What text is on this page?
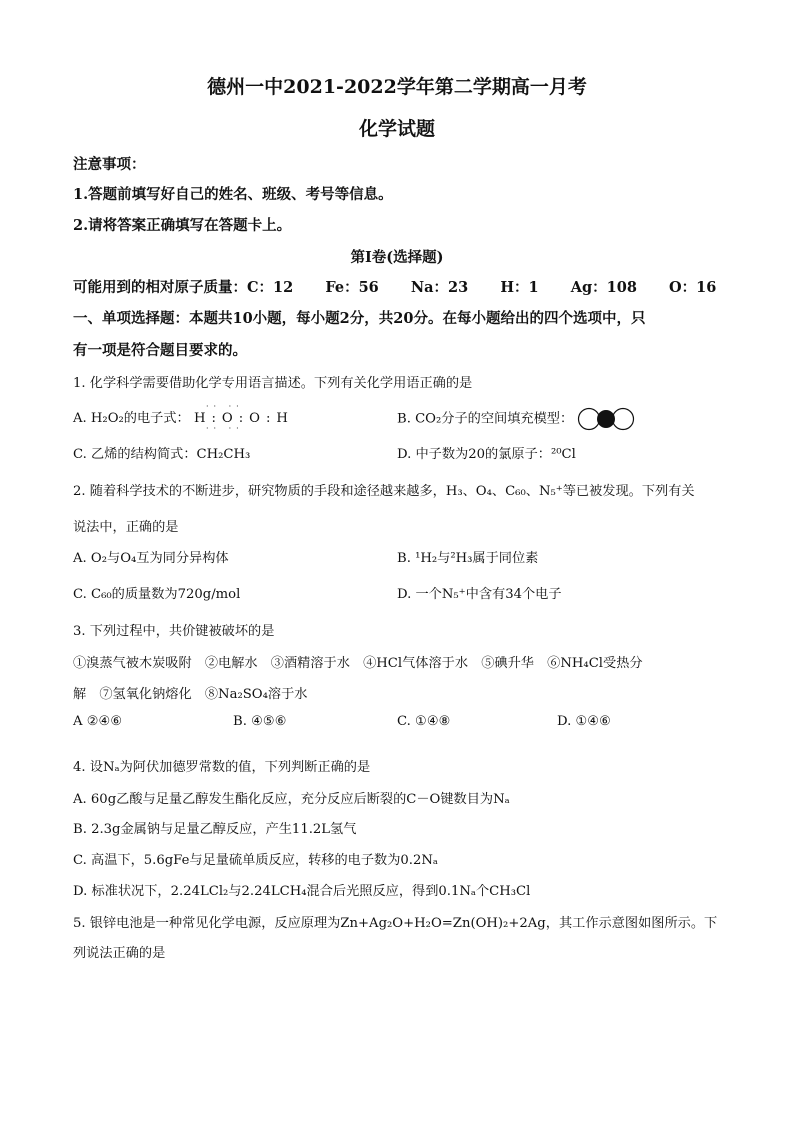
德州一中2021-2022学年第二学期高一月考
化学试题
注意事项：
1.答题前填写好自己的姓名、班级、考号等信息。
2.请将答案正确填写在答题卡上。
第I卷(选择题)
可能用到的相对原子质量：C：12 Fe：56 Na：23 H：1 Ag：108 O：16
一、单项选择题：本题共10小题，每小题2分，共20分。在每小题给出的四个选项中，只
有一项是符合题目要求的。
1. 化学科学需要借助化学专用语言描述。下列有关化学用语正确的是
A. H₂O₂的电子式：
·· ··
H:O:O:H
·· ··
B. CO₂分子的空间填充模型：
C. 乙烯的结构简式：CH₂CH₃	D. 中子数为20的氯原子：²⁰Cl
2. 随着科学技术的不断进步，研究物质的手段和途径越来越多，H₃、O₄、C₆₀、N₅⁺等已被发现。下列有关
说法中，正确的是
A. O₂与O₄互为同分异构体	B. ¹H₂与²H₃属于同位素
C. C₆₀的质量数为720g/mol	D. 一个N₅⁺中含有34个电子
3. 下列过程中，共价键被破坏的是
①溴蒸气被木炭吸附　②电解水　③酒精溶于水　④HCl气体溶于水　⑤碘升华　⑥NH₄Cl受热分
解　⑦氢氧化钠熔化　⑧Na₂SO₄溶于水
A ②④⑥	B. ④⑤⑥	C. ①④⑧	D. ①④⑥
4. 设Nₐ为阿伏加德罗常数的值，下列判断正确的是
A. 60g乙酸与足量乙醇发生酯化反应，充分反应后断裂的C－O键数目为Nₐ
B. 2.3g金属钠与足量乙醇反应，产生11.2L氢气
C. 高温下，5.6gFe与足量硫单质反应，转移的电子数为0.2Nₐ
D. 标准状况下，2.24LCl₂与2.24LCH₄混合后光照反应，得到0.1Nₐ个CH₃Cl
5. 银锌电池是一种常见化学电源，反应原理为Zn+Ag₂O+H₂O=Zn(OH)₂+2Ag，其工作示意图如图所示。下
列说法正确的是
